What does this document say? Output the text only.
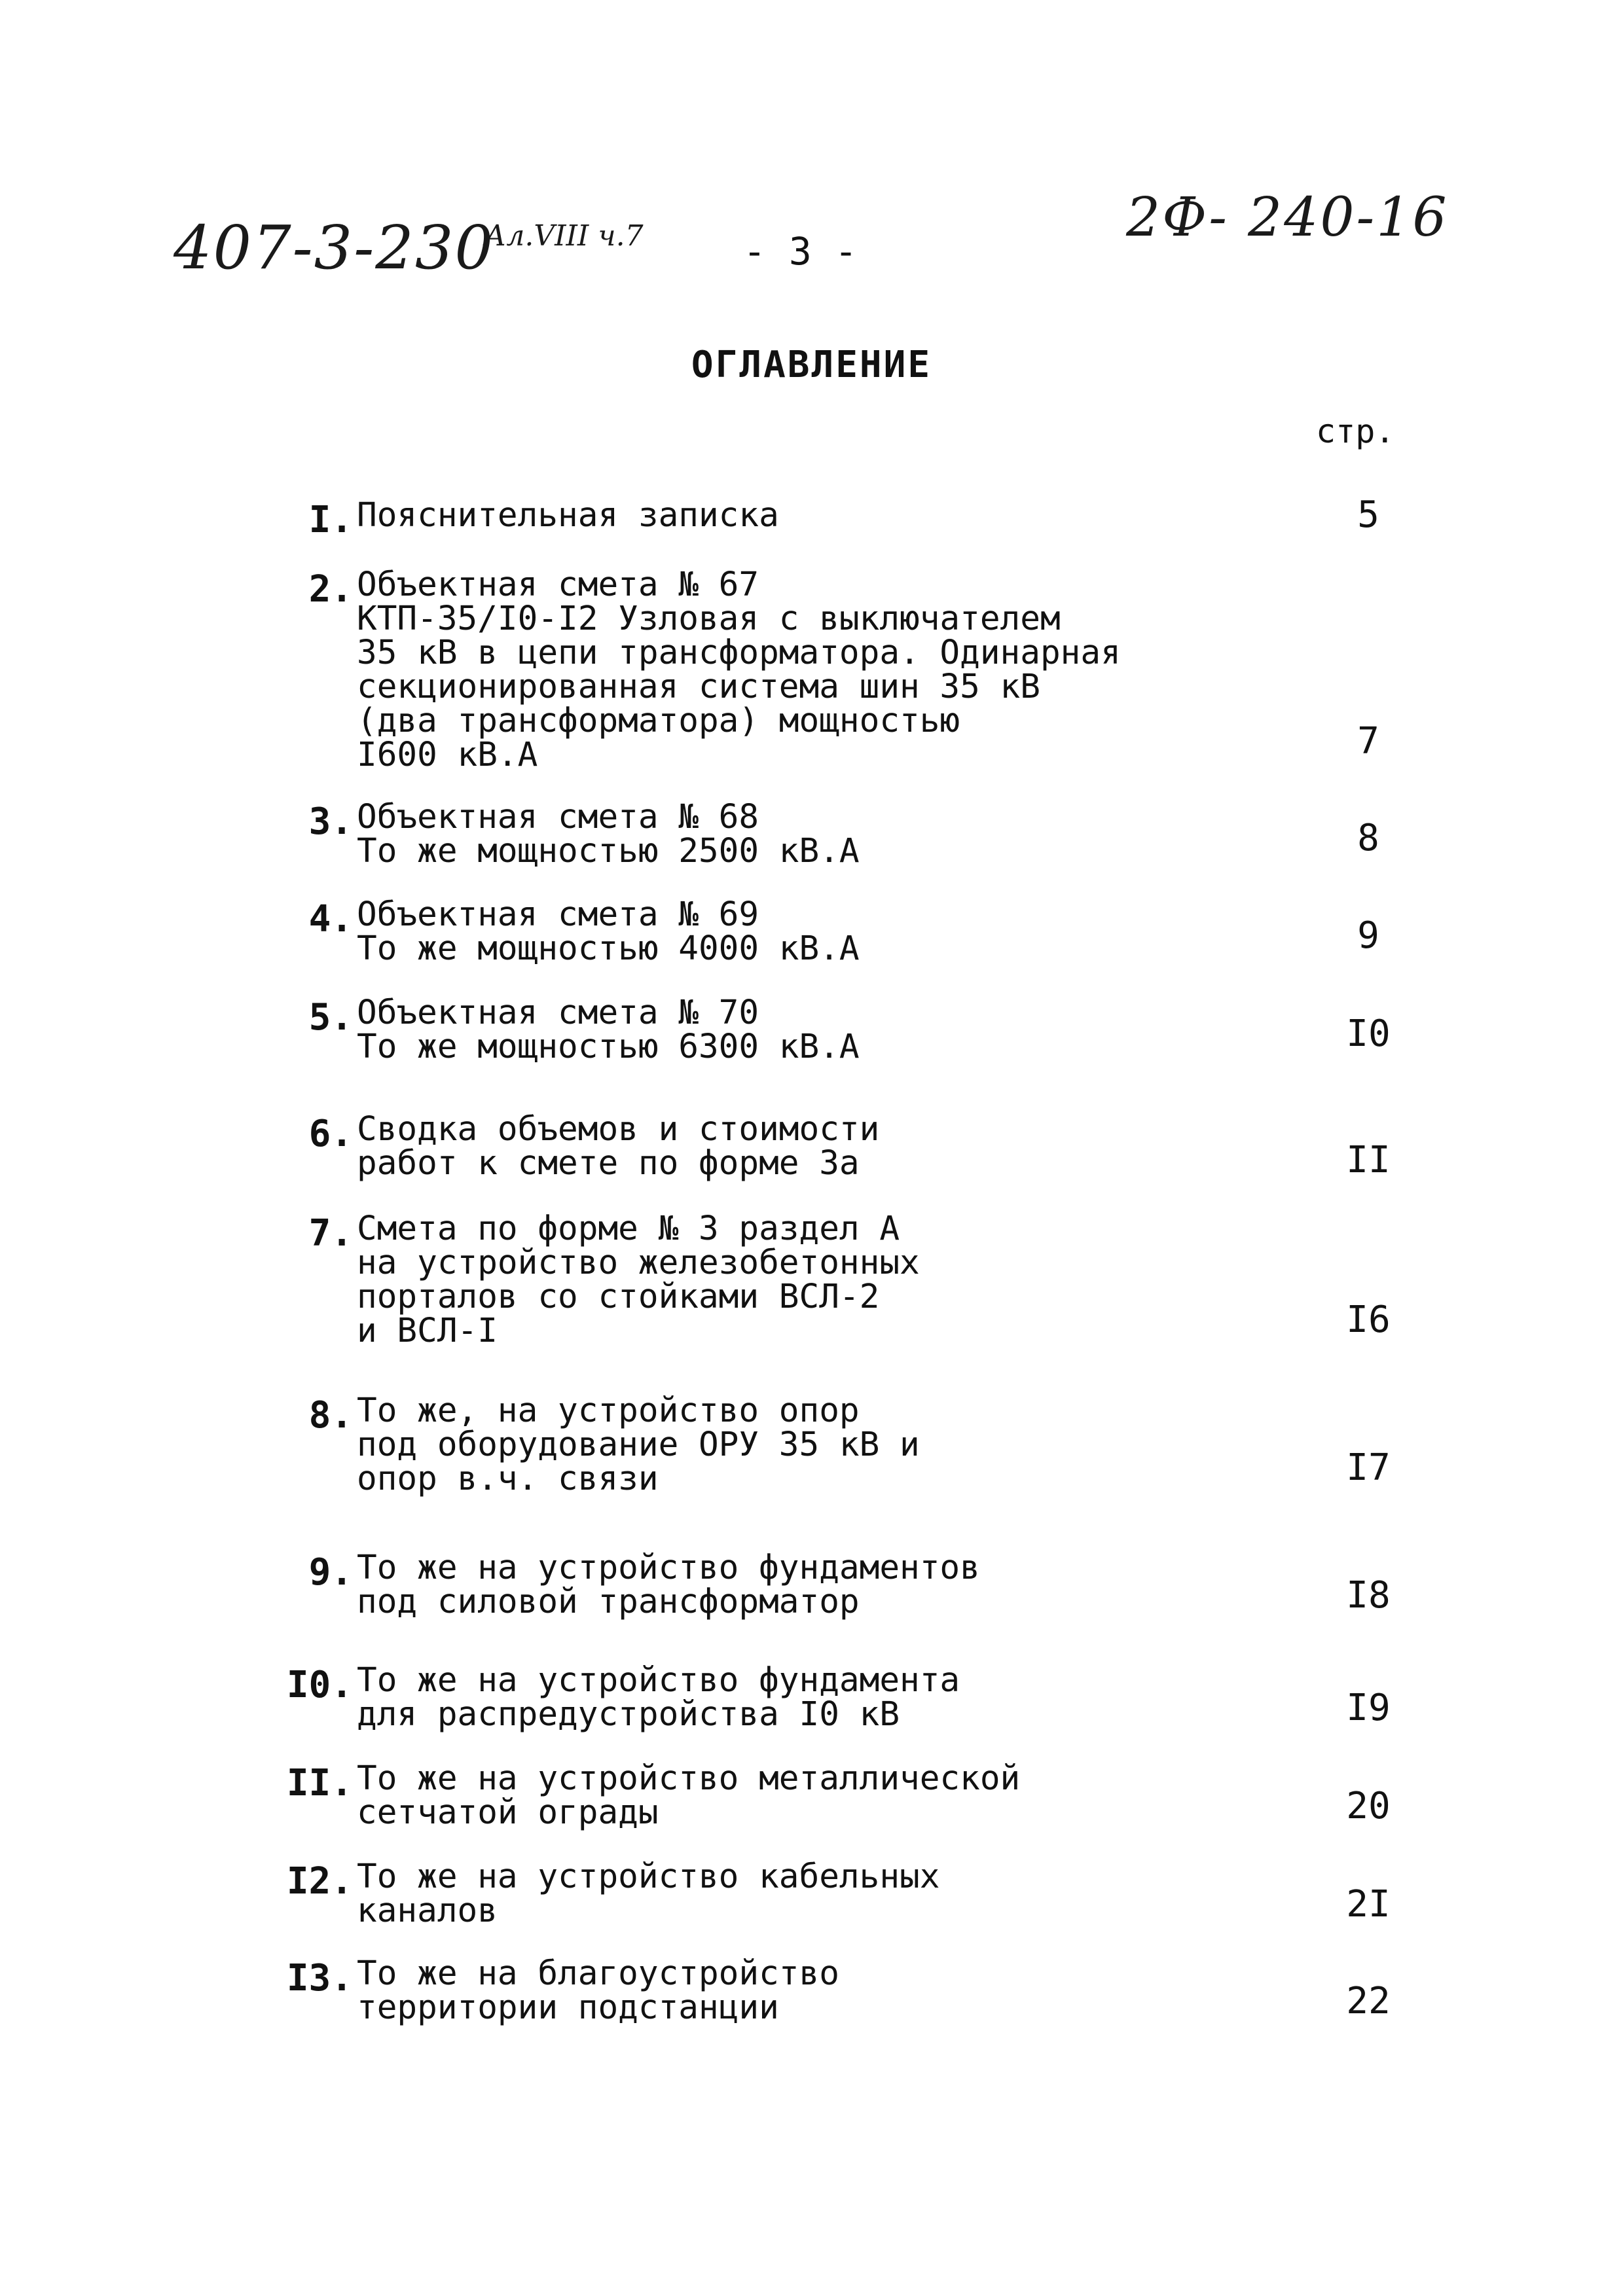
407-3-230
Ал.VIII ч.7	- 3 -
2Ф- 240-16
ОГЛАВЛЕНИЕ
стр.
I. Пояснительная записка	5
2. Объектная смета № 67
КТП-35/I0-I2 Узловая с выключателем
35 кВ в цепи трансформатора. Одинарная
секционированная система шин 35 кВ
(два трансформатора) мощностью
I600 кВ.А	7
3. Объектная смета № 68
То же мощностью 2500 кВ.А	8
4. Объектная смета № 69
То же мощностью 4000 кВ.А	9
5. Объектная смета № 70
То же мощностью 6300 кВ.А	I0
6. Сводка объемов и стоимости
работ к смете по форме 3а	II
7. Смета по форме № 3 раздел А
на устройство железобетонных
порталов со стойками ВСЛ-2
и ВСЛ-I	I6
8. То же, на устройство опор
под оборудование ОРУ 35 кВ и
опор в.ч. связи	I7
9. То же на устройство фундаментов
под силовой трансформатор	I8
I0. То же на устройство фундамента
для распредустройства I0 кВ	I9
II. То же на устройство металлической
сетчатой ограды	20
I2. То же на устройство кабельных
каналов	2I
I3. То же на благоустройство
территории подстанции	22
